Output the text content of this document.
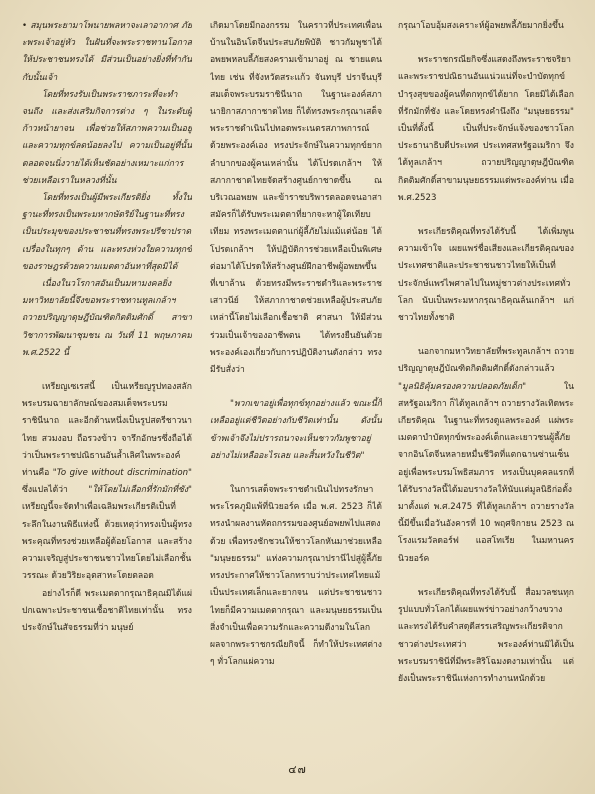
• สมุนพระยามาโพนายพลหาจะเลาอากาศ ภัยะพระเจ้าอยู่หัว ในฝันที่จะพระราชทานโอกาสให้ประชาชนทรงได้ มีส่วนเป็นอย่างยิ่งที่ทำกันกับนั้นเจ้า

โดยที่ทรงรับเป็นพระราชภาระที่จะทำจนถึง และส่งเสริมกิจการต่าง ๆ ในระดับผู้ก้าวหน้ายาจน เพื่อช่วยให้สภาพความเป็นอยู่และความทุกข์ลดน้อยลงไป ความเป็นอยู่ที่นั้น ตลอดจนนิ่งวายได้เห็นชัดอย่างเหมาะแก่การช่วยเหลือเราในหลวงที่นั้น

โดยที่ทรงเป็นผู้มีพระเกียรติยิ่ง ทั้งในฐานะที่ทรงเป็นพระมหากษัตริย์ในฐานะที่ทรงเป็นประมุขของประชาชนที่ทรงพระปรีชาปราดเปรื่องในทุกๆ ด้าน และทรงห่วงใยความทุกข์ของราษฎรด้วยความเมตตาอันหาที่สุดมิได้

เนื่องในวโรกาสอันเป็นมหามงคลยิ่ง มหาวิทยาลัยนี้จึงขอพระราชทานทูลเกล้าฯ ถวายปริญญาดุษฎีบัณฑิตกิตติมศักดิ์ สาขาวิชาการพัฒนาชุมชน ณ วันที่ 11 พฤษภาคม พ.ศ.2522 นี้

เหรียญเซเรสนี้ เป็นเหรียญรูปทองสลักพระบรมฉายาลักษณ์ของสมเด็จพระบรมราชินีนาถ และอีกด้านหนึ่งเป็นรูปสตรีชาวนาไทย สวมงอบ ถือรวงข้าว จารึกอักษรซึ่งถือได้ว่าเป็นพระราชปณิธานอันล้ำเลิศในพระองค์ท่านคือ "To give without discrimination" ซึ่งแปลได้ว่า "ให้โดยไม่เลือกที่รักมักที่ชัง" เหรียญนี้จะจัดทำเพื่อเฉลิมพระเกียรติเป็นที่ระลึกในงานพิธีแห่งนี้ ด้วยเหตุว่าทรงเป็นผู้ทรงพระคุณที่ทรงช่วยเหลือผู้ด้อยโอกาส และสร้างความเจริญสู่ประชาชนชาวไทยโดยไม่เลือกชั้นวรรณะ ด้วยวิริยะอุตสาหะโดยตลอด

อย่างไรก็ดี พระเมตตากรุณาธิคุณมิได้แผ่ปกเฉพาะประชาชนเชื้อชาติไทยเท่านั้น ทรงประจักษ์ในสัจธรรมที่ว่า มนุษย์

เกิดมาโดยมีกองกรรม ในคราวที่ประเทศเพื่อนบ้านในอินโดจีนประสบภัยพิบัติ ชาวกัมพูชาได้อพยพหลบลี้ภัยสงครามเข้ามาอยู่ ณ ชายแดนไทย เช่น ที่จังหวัดสระแก้ว จันทบุรี ปราจีนบุรี สมเด็จพระบรมราชินีนาถ ในฐานะองค์สภานายิกาสภากาชาดไทย ก็ได้ทรงพระกรุณาเสด็จพระราชดำเนินไปทอดพระเนตรสภาพการณ์ด้วยพระองค์เอง ทรงประจักษ์ในความทุกข์ยากลำบากของผู้คนเหล่านั้น ได้โปรดเกล้าฯ ให้สภากาชาดไทยจัดสร้างศูนย์กาชาดขึ้น ณ บริเวณอพยพ และข้าราชบริพารตลอดจนอาสาสมัครก็ได้รับพระเมตตาที่ยากจะหาผู้ใดเทียบเทียม ทรงพระเมตตาแก่ผู้ลี้ภัยไม่แม้แต่น้อย ได้โปรดเกล้าฯ ให้ปฏิบัติการช่วยเหลือเป็นพิเศษ ต่อมาได้โปรดให้สร้างศูนย์ฝึกอาชีพผู้อพยพขึ้นที่เขาล้าน ด้วยทรงมีพระราชดำริและพระราชเสาวนีย์ ให้สภากาชาดช่วยเหลือผู้ประสบภัยเหล่านี้โดยไม่เลือกเชื้อชาติ ศาสนา ให้มีส่วนร่วมเป็นเจ้าของอาชีพตน ได้ทรงยืนยันด้วยพระองค์เองเกี่ยวกับการปฏิบัติงานดังกล่าว ทรงมีรับสั่งว่า

"พวกเขาอยู่เพื่อทุกข์ทุกอย่างแล้ว ขณะนี้ก็เหลืออยู่แต่ชีวิตอย่างกับชีวิตเท่านั้น ดังนั้น ข้าพเจ้าจึงไม่ปรารถนาจะเห็นชาวกัมพูชาอยู่อย่างไม่เหลืออะไรเลย และสิ้นหวังในชีวิต"

ในการเสด็จพระราชดำเนินไปทรงรักษาพระโรคภูมิแพ้ที่นิวยอร์ค เมื่อ พ.ศ. 2523 ก็ได้ทรงนำผลงานหัตถกรรมของศูนย์อพยพไปแสดงด้วย เพื่อทรงชักชวนให้ชาวโลกหันมาช่วยเหลือ "มนุษยธรรม" แห่งความกรุณาปรานีไปสู่ผู้ลี้ภัย ทรงประกาศให้ชาวโลกทราบว่าประเทศไทยแม้เป็นประเทศเล็กและยากจน แต่ประชาชนชาวไทยก็มีความเมตตากรุณา และมนุษยธรรมเป็นสิ่งจำเป็นเพื่อความรักและความดีงามในโลก ผลจากพระราชกรณียกิจนี้ ก็ทำให้ประเทศต่าง ๆ ทั่วโลกแผ่ความ

กรุณาโอบอุ้มสงเคราะห์ผู้อพยพลี้ภัยมากยิ่งขึ้น

พระราชกรณียกิจซึ่งแสดงถึงพระราชจริยาและพระราชปณิธานอันแน่วแน่ที่จะบำบัดทุกข์บำรุงสุขของผู้คนที่ตกทุกข์ได้ยาก โดยมิได้เลือกที่รักมักที่ชัง และโดยทรงคำนึงถึง "มนุษยธรรม" เป็นที่ตั้งนี้ เป็นที่ประจักษ์แจ้งของชาวโลก ประธานาธิบดีประเทศ ประเทศสหรัฐอเมริกา จึงได้ทูลเกล้าฯ ถวายปริญญาดุษฎีบัณฑิตกิตติมศักดิ์สาขามนุษยธรรมแด่พระองค์ท่าน เมื่อ พ.ศ.2523

พระเกียรติคุณที่ทรงได้รับนี้ ได้เพิ่มพูนความเข้าใจ เผยแพร่ชื่อเสียงและเกียรติคุณของประเทศชาติและประชาชนชาวไทยให้เป็นที่ประจักษ์แพร่ไพศาลไปในหมู่ชาวต่างประเทศทั่วโลก นับเป็นพระมหากรุณาธิคุณล้นเกล้าฯ แก่ชาวไทยทั้งชาติ

นอกจากมหาวิทยาลัยที่พระทูลเกล้าฯ ถวายปริญญาดุษฎีบัณฑิตกิตติมศักดิ์ดังกล่าวแล้ว "มูลนิธิคุ้มครองความปลอดภัยเด็ก"	ในสหรัฐอเมริกา ก็ได้ทูลเกล้าฯ ถวายรางวัลเทิดพระเกียรติคุณ ในฐานะที่ทรงดูแลพระองค์ แผ่พระเมตตาบำบัดทุกข์พระองค์เด็กและเยาวชนผู้ลี้ภัยจากอินโดจีนหลายหมื่นชีวิตที่แตกฉานซ่านเซ็นอยู่เพื่อพระบรมโพธิสมภาร ทรงเป็นบุคคลแรกที่ได้รับรางวัลนี้ได้มอบรางวัลให้นับแต่มูลนิธิก่อตั้งมาตั้งแต่ พ.ศ.2475 ที่ได้ทูลเกล้าฯ ถวายรางวัลนี้มีขึ้นเมื่อวันอังคารที่ 10 พฤศจิกายน 2523 ณ โรงแรมวัลดอร์ฟ แอสโทเรีย ในมหานครนิวยอร์ค

พระเกียรติคุณที่ทรงได้รับนี้ สื่อมวลชนทุกรูปแบบทั่วโลกได้เผยแพร่ข่าวอย่างกว้างขวาง และทรงได้รับคำสดุดีสรรเสริญพระเกียรติจากชาวต่างประเทศว่า พระองค์ท่านมิได้เป็นพระบรมราชินีที่มีพระสิริโฉมงดงามเท่านั้น แต่ยังเป็นพระราชินีแห่งการทำงานหนักด้วย

๔๗
